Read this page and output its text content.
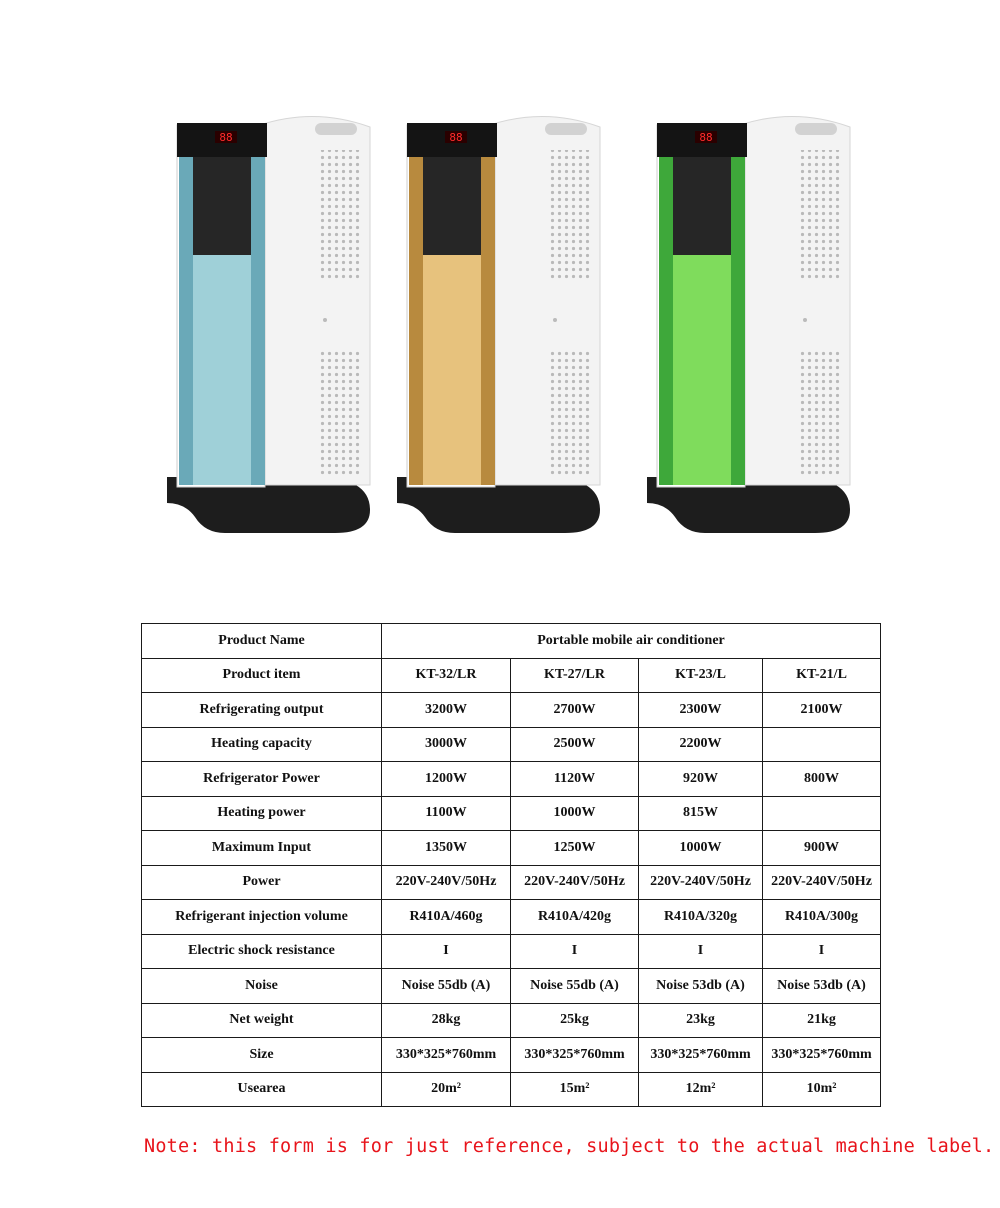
88	88	88
Product Name	Portable mobile air conditioner			
Product item	KT-32/LR	KT-27/LR	KT-23/L	KT-21/L
Refrigerating output	3200W	2700W	2300W	2100W
Heating capacity	3000W	2500W	2200W	
Refrigerator Power	1200W	1120W	920W	800W
Heating power	1100W	1000W	815W	
Maximum Input	1350W	1250W	1000W	900W
Power	220V-240V/50Hz	220V-240V/50Hz	220V-240V/50Hz	220V-240V/50Hz
Refrigerant injection volume	R410A/460g	R410A/420g	R410A/320g	R410A/300g
Electric shock resistance	I	I	I	I
Noise	Noise 55db (A)	Noise 55db (A)	Noise 53db (A)	Noise 53db (A)
Net weight	28kg	25kg	23kg	21kg
Size	330*325*760mm	330*325*760mm	330*325*760mm	330*325*760mm
Usearea	20m²	15m²	12m²	10m²
Note: this form is for just reference, subject to the actual machine label.
